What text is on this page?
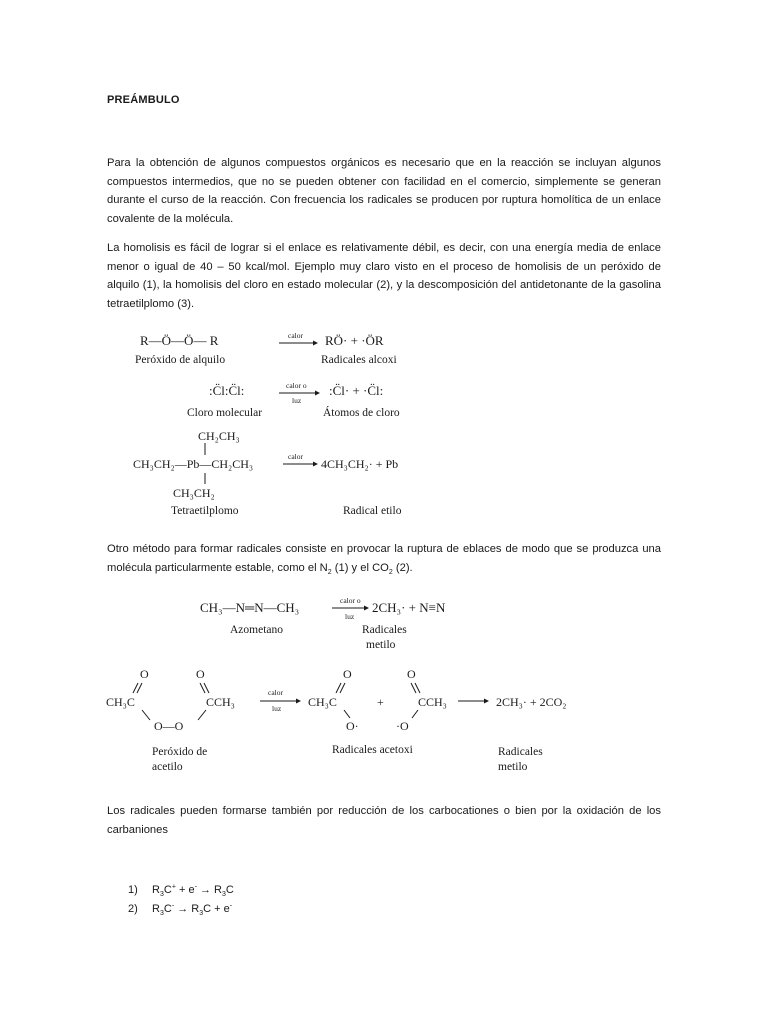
PREÁMBULO
Para la obtención de algunos compuestos orgánicos es necesario que en la reacción se incluyan algunos compuestos intermedios, que no se pueden obtener con facilidad en el comercio, simplemente se generan durante el curso de la reacción. Con frecuencia los radicales se producen por ruptura homolítica de un enlace covalente de la molécula.
La homolisis es fácil de lograr si el enlace es relativamente débil, es decir, con una energía media de enlace menor o igual de 40 – 50 kcal/mol. Ejemplo muy claro visto en el proceso de homolisis de un peróxido de alquilo (1), la homolisis del cloro en estado molecular (2), y la descomposición del antidetonante de la gasolina tetraetilplomo (3).
R—Ö—Ö— R	calor RÖ· + ·ÖR
Peróxido de alquilo	Radicales alcoxi
:C̈l:C̈l:	calor o
luz
:C̈l· + ·C̈l:
Cloro molecular	Átomos de cloro
CH₂CH₃
CH₃CH₂—Pb—CH₂CH₃
CH₃CH₂
calor
4CH₃CH₂· + Pb
Tetraetilplomo	Radical etilo
Otro método para formar radicales consiste en provocar la ruptura de eblaces de modo que se produzca una molécula particularmente estable, como el $N_2$ (1) y el $CO_2$ (2).
CH₃—N═N—CH₃	calor o
luz
2CH₃· + N≡N
Azometano	Radicales
metilo
O	O
CH₃C	CCH₃
O—O
calor
luz
O
CH₃C
O·
+
O
CCH₃
·O
2CH₃· + 2CO₂
Peróxido de
acetilo
Radicales acetoxi	Radicales
metilo
Los radicales pueden formarse también por reducción de los carbocationes o bien por la oxidación de los carbaniones
1)	$R_3C^+ + e^- \to R_3C$
2)	$R_3C^- \to R_3C + e^-$
